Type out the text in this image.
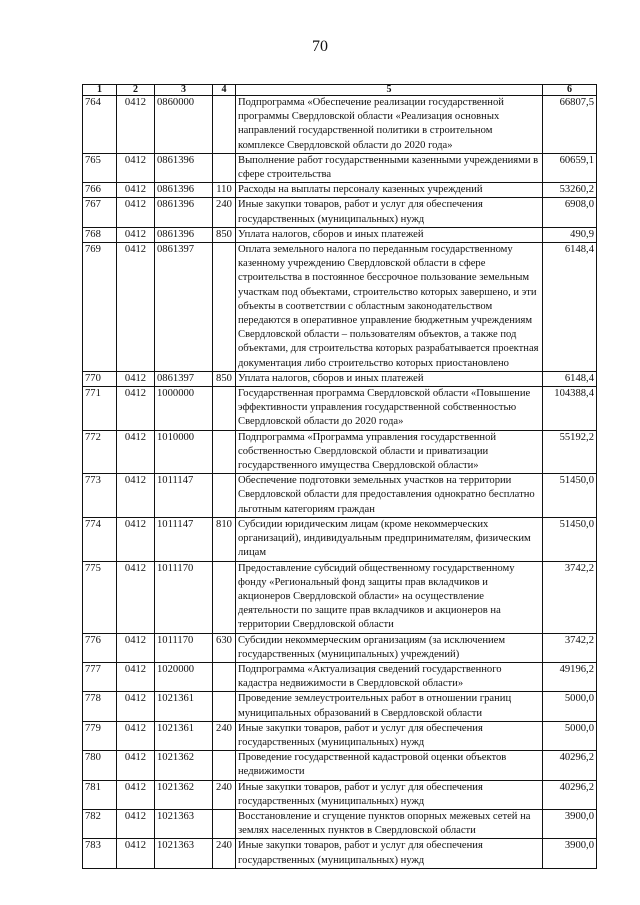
70
1	2	3	4	5	6
764	0412	0860000		Подпрограмма «Обеспечение реализации государственной программы Свердловской области «Реализация основных направлений государственной политики в строительном комплексе Свердловской области до 2020 года»	66807,5
765	0412	0861396		Выполнение работ государственными казенными учреждениями в сфере строительства	60659,1
766	0412	0861396	110	Расходы на выплаты персоналу казенных учреждений	53260,2
767	0412	0861396	240	Иные закупки товаров, работ и услуг для обеспечения государственных (муниципальных) нужд	6908,0
768	0412	0861396	850	Уплата налогов, сборов и иных платежей	490,9
769	0412	0861397		Оплата земельного налога по переданным государственному казенному учреждению Свердловской области в сфере строительства в постоянное бессрочное пользование земельным участкам под объектами, строительство которых завершено, и эти объекты в соответствии с областным законодательством передаются в оперативное управление бюджетным учреждениям Свердловской области – пользователям объектов, а также под объектами, для строительства которых разрабатывается проектная документация либо строительство которых приостановлено	6148,4
770	0412	0861397	850	Уплата налогов, сборов и иных платежей	6148,4
771	0412	1000000		Государственная программа Свердловской области «Повышение эффективности управления государственной собственностью Свердловской области до 2020 года»	104388,4
772	0412	1010000		Подпрограмма «Программа управления государственной собственностью Свердловской области и приватизации государственного имущества Свердловской области»	55192,2
773	0412	1011147		Обеспечение подготовки земельных участков на территории Свердловской области для предоставления однократно бесплатно льготным категориям граждан	51450,0
774	0412	1011147	810	Субсидии юридическим лицам (кроме некоммерческих организаций), индивидуальным предпринимателям, физическим лицам	51450,0
775	0412	1011170		Предоставление субсидий общественному государственному фонду «Региональный фонд защиты прав вкладчиков и акционеров Свердловской области» на осуществление деятельности по защите прав вкладчиков и акционеров на территории Свердловской области	3742,2
776	0412	1011170	630	Субсидии некоммерческим организациям (за исключением государственных (муниципальных) учреждений)	3742,2
777	0412	1020000		Подпрограмма «Актуализация сведений государственного кадастра недвижимости в Свердловской области»	49196,2
778	0412	1021361		Проведение землеустроительных работ в отношении границ муниципальных образований в Свердловской области	5000,0
779	0412	1021361	240	Иные закупки товаров, работ и услуг для обеспечения государственных (муниципальных) нужд	5000,0
780	0412	1021362		Проведение государственной кадастровой оценки объектов недвижимости	40296,2
781	0412	1021362	240	Иные закупки товаров, работ и услуг для обеспечения государственных (муниципальных) нужд	40296,2
782	0412	1021363		Восстановление и сгущение пунктов опорных межевых сетей на землях населенных пунктов в Свердловской области	3900,0
783	0412	1021363	240	Иные закупки товаров, работ и услуг для обеспечения государственных (муниципальных) нужд	3900,0
